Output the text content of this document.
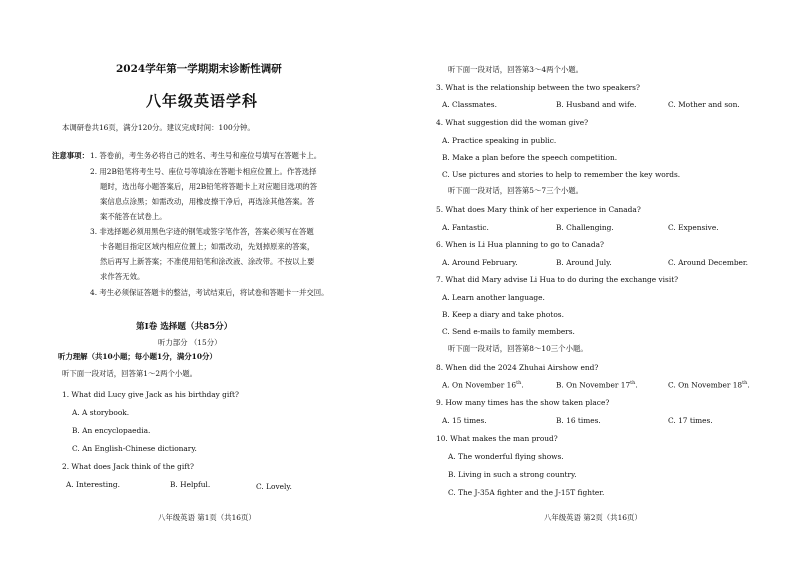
2024学年第一学期期末诊断性调研
八年级英语学科
本调研卷共16页，满分120分。建议完成时间：100分钟。
注意事项： 1. 答卷前，考生务必将自己的姓名、考生号和座位号填写在答题卡上。
2. 用2B铅笔将考生号、座位号等填涂在答题卡相应位置上。作答选择
题时，选出每小题答案后，用2B铅笔将答题卡上对应题目选项的答
案信息点涂黑；如需改动，用橡皮擦干净后，再选涂其他答案。答
案不能答在试卷上。
3. 非选择题必须用黑色字迹的钢笔或签字笔作答，答案必须写在答题
卡各题目指定区域内相应位置上；如需改动，先划掉原来的答案，
然后再写上新答案；不准使用铅笔和涂改液、涂改带。不按以上要
求作答无效。
4. 考生必须保证答题卡的整洁，考试结束后，将试卷和答题卡一并交回。
第Ⅰ卷 选择题（共85分）
听力部分 （15分）
听力理解（共10小题；每小题1分，满分10分）
听下面一段对话，回答第1～2两个小题。
1. What did Lucy give Jack as his birthday gift?
A. A storybook.
B. An encyclopaedia.
C. An English-Chinese dictionary.
2. What does Jack think of the gift?
A. Interesting.	B. Helpful.	C. Lovely.
八年级英语 第1页（共16页）
听下面一段对话，回答第3～4两个小题。
3. What is the relationship between the two speakers?
A. Classmates.	B. Husband and wife.	C. Mother and son.
4. What suggestion did the woman give?
A. Practice speaking in public.
B. Make a plan before the speech competition.
C. Use pictures and stories to help to remember the key words.
听下面一段对话，回答第5～7三个小题。
5. What does Mary think of her experience in Canada?
A. Fantastic.	B. Challenging.	C. Expensive.
6. When is Li Hua planning to go to Canada?
A. Around February.	B. Around July.	C. Around December.
7. What did Mary advise Li Hua to do during the exchange visit?
A. Learn another language.
B. Keep a diary and take photos.
C. Send e-mails to family members.
听下面一段对话，回答第8～10三个小题。
8. When did the 2024 Zhuhai Airshow end?
A. On November 16th.	B. On November 17th.	C. On November 18th.
9. How many times has the show taken place?
A. 15 times.	B. 16 times.	C. 17 times.
10. What makes the man proud?
A. The wonderful flying shows.
B. Living in such a strong country.
C. The J-35A fighter and the J-15T fighter.
八年级英语 第2页（共16页）
